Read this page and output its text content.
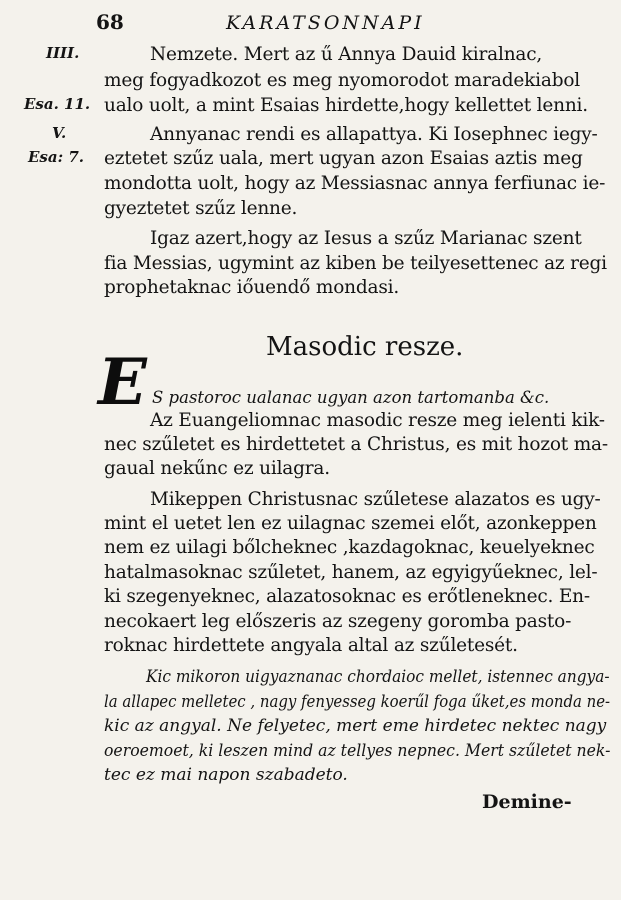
68	KARATSONNAPI
IIII.
Esa. 11.
V.
Esa: 7.
Nemzete. Mert az ű Annya Dauid kiralnac,
meg fogyadkozot es meg nyomorodot maradekiabol
ualo uolt, a mint Esaias hirdette,hogy kellettet lenni.
Annyanac rendi es allapattya. Ki Iosephnec iegy-
eztetet szűz uala, mert ugyan azon Esaias aztis meg
mondotta uolt, hogy az Messiasnac annya ferfiunac ie-
gyeztetet szűz lenne.
Igaz azert,hogy az Iesus a szűz Marianac szent
fia Messias, ugymint az kiben be teilyesettenec az regi
prophetaknac iőuendő mondasi.
Masodic resze.
E S pastoroc ualanac ugyan azon tartomanba &c.
Az Euangeliomnac masodic resze meg ielenti kik-
nec szűletet es hirdettetet a Christus, es mit hozot ma-
gaual nekűnc ez uilagra.
Mikeppen Christusnac szűletese alazatos es ugy-
mint el uetet len ez uilagnac szemei előt, azonkeppen
nem ez uilagi bőlcheknec ,kazdagoknac, keuelyeknec
hatalmasoknac szűletet, hanem, az egyigyűeknec, lel-
ki szegenyeknec, alazatosoknac es erőtleneknec. En-
necokaert leg előszeris az szegeny goromba pasto-
roknac hirdettete angyala altal az szűletesét.
Kic mikoron uigyaznanac chordaioc mellet, istennec angya-
la allapec melletec , nagy fenyesseg koerűl foga űket,es monda ne-
kic az angyal. Ne felyetec, mert eme hirdetec nektec nagy
oeroemoet, ki leszen mind az tellyes nepnec. Mert szűletet nek-
tec ez mai napon szabadeto.
Demine-
